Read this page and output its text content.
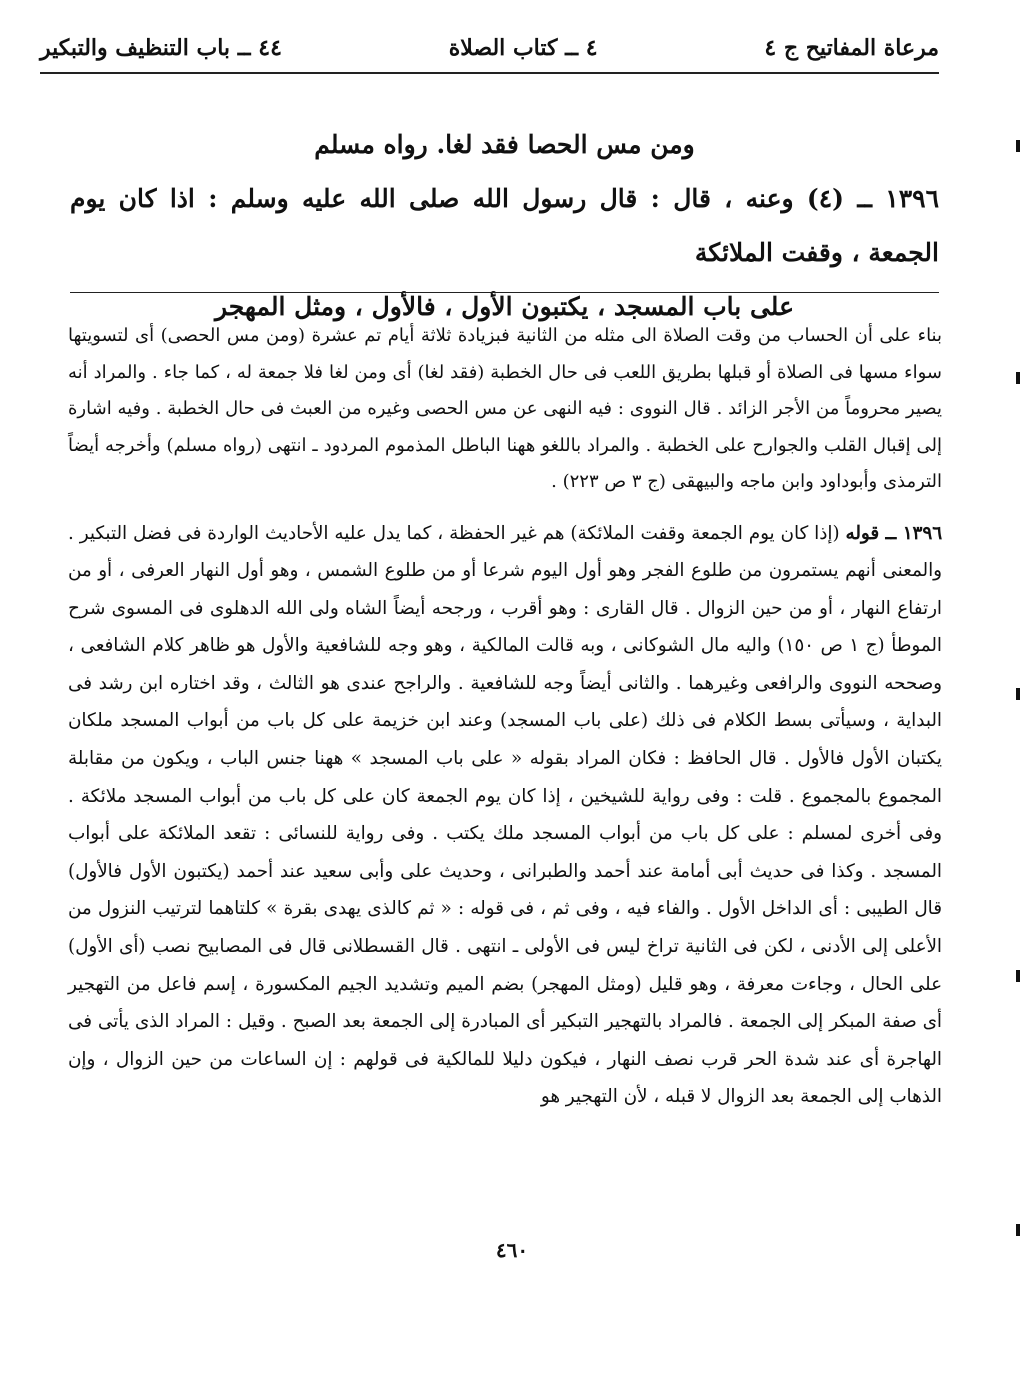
مرعاة المفاتيح ج ٤
٤ ــ كتاب الصلاة
٤٤ ــ باب التنظيف والتبكير
ومن مس الحصا فقد لغا. رواه مسلم
١٣٩٦ ــ (٤) وعنه ، قال : قال رسول الله صلى الله عليه وسلم : اذا كان يوم الجمعة ، وقفت الملائكة
على باب المسجد ، يكتبون الأول ، فالأول ، ومثل المهجر

بناء على أن الحساب من وقت الصلاة الى مثله من الثانية فبزيادة ثلاثة أيام تم عشرة (ومن مس الحصى) أى لتسويتها سواء مسها فى الصلاة أو قبلها بطريق اللعب فى حال الخطبة (فقد لغا) أى ومن لغا فلا جمعة له ، كما جاء . والمراد أنه يصير محروماً من الأجر الزائد . قال النووى : فيه النهى عن مس الحصى وغيره من العبث فى حال الخطبة . وفيه اشارة إلى إقبال القلب والجوارح على الخطبة . والمراد باللغو ههنا الباطل المذموم المردود ـ انتهى (رواه مسلم) وأخرجه أيضاً الترمذى وأبوداود وابن ماجه والبيهقى (ج ٣ ص ٢٢٣) .

١٣٩٦ ــ قوله (إذا كان يوم الجمعة وقفت الملائكة) هم غير الحفظة ، كما يدل عليه الأحاديث الواردة فى فضل التبكير . والمعنى أنهم يستمرون من طلوع الفجر وهو أول اليوم شرعا أو من طلوع الشمس ، وهو أول النهار العرفى ، أو من ارتفاع النهار ، أو من حين الزوال . قال القارى : وهو أقرب ، ورجحه أيضاً الشاه ولى الله الدهلوى فى المسوى شرح الموطأ (ج ١ ص ١٥٠) واليه مال الشوكانى ، وبه قالت المالكية ، وهو وجه للشافعية والأول هو ظاهر كلام الشافعى ، وصححه النووى والرافعى وغيرهما . والثانى أيضاً وجه للشافعية . والراجح عندى هو الثالث ، وقد اختاره ابن رشد فى البداية ، وسيأتى بسط الكلام فى ذلك (على باب المسجد) وعند ابن خزيمة على كل باب من أبواب المسجد ملكان يكتبان الأول فالأول . قال الحافظ : فكان المراد بقوله « على باب المسجد » ههنا جنس الباب ، ويكون من مقابلة المجموع بالمجموع . قلت : وفى رواية للشيخين ، إذا كان يوم الجمعة كان على كل باب من أبواب المسجد ملائكة . وفى أخرى لمسلم : على كل باب من أبواب المسجد ملك يكتب . وفى رواية للنسائى : تقعد الملائكة على أبواب المسجد . وكذا فى حديث أبى أمامة عند أحمد والطبرانى ، وحديث على وأبى سعيد عند أحمد (يكتبون الأول فالأول) قال الطيبى : أى الداخل الأول . والفاء فيه ، وفى ثم ، فى قوله : « ثم كالذى يهدى بقرة » كلتاهما لترتيب النزول من الأعلى إلى الأدنى ، لكن فى الثانية تراخ ليس فى الأولى ـ انتهى . قال القسطلانى قال فى المصابيح نصب (أى الأول) على الحال ، وجاءت معرفة ، وهو قليل (ومثل المهجر) بضم الميم وتشديد الجيم المكسورة ، إسم فاعل من التهجير أى صفة المبكر إلى الجمعة . فالمراد بالتهجير التبكير أى المبادرة إلى الجمعة بعد الصبح . وقيل : المراد الذى يأتى فى الهاجرة أى عند شدة الحر قرب نصف النهار ، فيكون دليلا للمالكية فى قولهم : إن الساعات من حين الزوال ، وإن الذهاب إلى الجمعة بعد الزوال لا قبله ، لأن التهجير هو

٤٦٠
